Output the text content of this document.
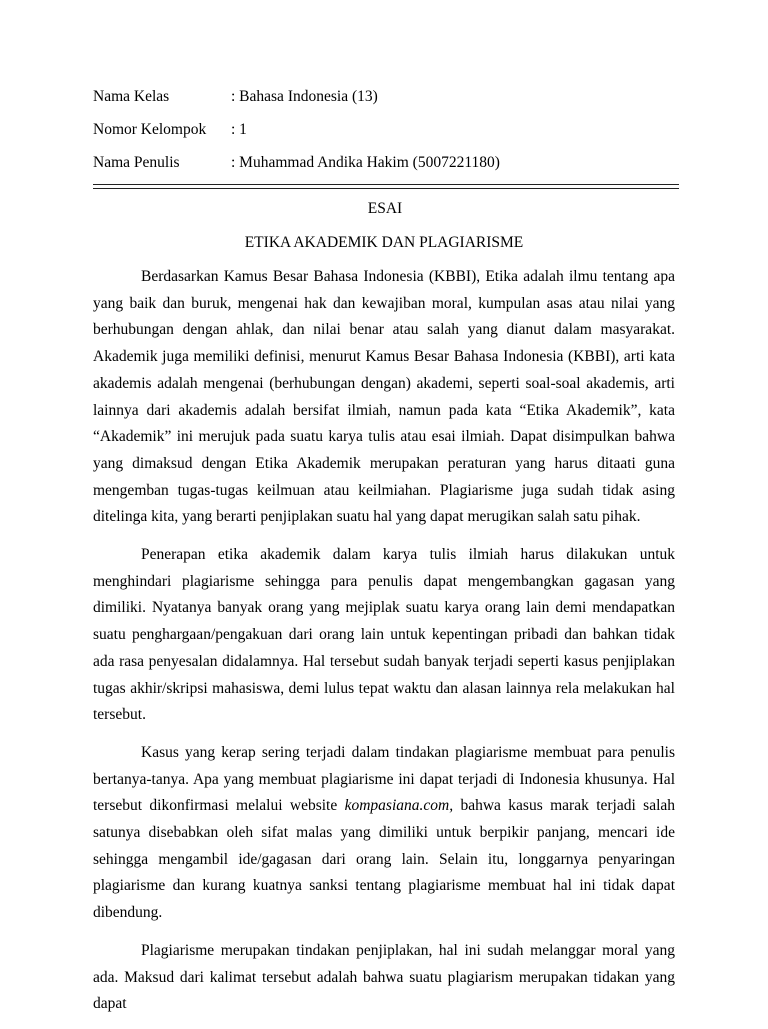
Nama Kelas	: Bahasa Indonesia (13)
Nomor Kelompok	: 1
Nama Penulis	: Muhammad Andika Hakim (5007221180)
ESAI
ETIKA AKADEMIK DAN PLAGIARISME

Berdasarkan Kamus Besar Bahasa Indonesia (KBBI), Etika adalah ilmu tentang apa yang baik dan buruk, mengenai hak dan kewajiban moral, kumpulan asas atau nilai yang berhubungan dengan ahlak, dan nilai benar atau salah yang dianut dalam masyarakat. Akademik juga memiliki definisi, menurut Kamus Besar Bahasa Indonesia (KBBI), arti kata akademis adalah mengenai (berhubungan dengan) akademi, seperti soal-soal akademis, arti lainnya dari akademis adalah bersifat ilmiah, namun pada kata “Etika Akademik”, kata “Akademik” ini merujuk pada suatu karya tulis atau esai ilmiah. Dapat disimpulkan bahwa yang dimaksud dengan Etika Akademik merupakan peraturan yang harus ditaati guna mengemban tugas-tugas keilmuan atau keilmiahan. Plagiarisme juga sudah tidak asing ditelinga kita, yang berarti penjiplakan suatu hal yang dapat merugikan salah satu pihak.

Penerapan etika akademik dalam karya tulis ilmiah harus dilakukan untuk menghindari plagiarisme sehingga para penulis dapat mengembangkan gagasan yang dimiliki. Nyatanya banyak orang yang mejiplak suatu karya orang lain demi mendapatkan suatu penghargaan/pengakuan dari orang lain untuk kepentingan pribadi dan bahkan tidak ada rasa penyesalan didalamnya. Hal tersebut sudah banyak terjadi seperti kasus penjiplakan tugas akhir/skripsi mahasiswa, demi lulus tepat waktu dan alasan lainnya rela melakukan hal tersebut.

Kasus yang kerap sering terjadi dalam tindakan plagiarisme membuat para penulis bertanya-tanya. Apa yang membuat plagiarisme ini dapat terjadi di Indonesia khusunya. Hal tersebut dikonfirmasi melalui website kompasiana.com, bahwa kasus marak terjadi salah satunya disebabkan oleh sifat malas yang dimiliki untuk berpikir panjang, mencari ide sehingga mengambil ide/gagasan dari orang lain. Selain itu, longgarnya penyaringan plagiarisme dan kurang kuatnya sanksi tentang plagiarisme membuat hal ini tidak dapat dibendung.

Plagiarisme merupakan tindakan penjiplakan, hal ini sudah melanggar moral yang ada. Maksud dari kalimat tersebut adalah bahwa suatu plagiarism merupakan tidakan yang dapat
